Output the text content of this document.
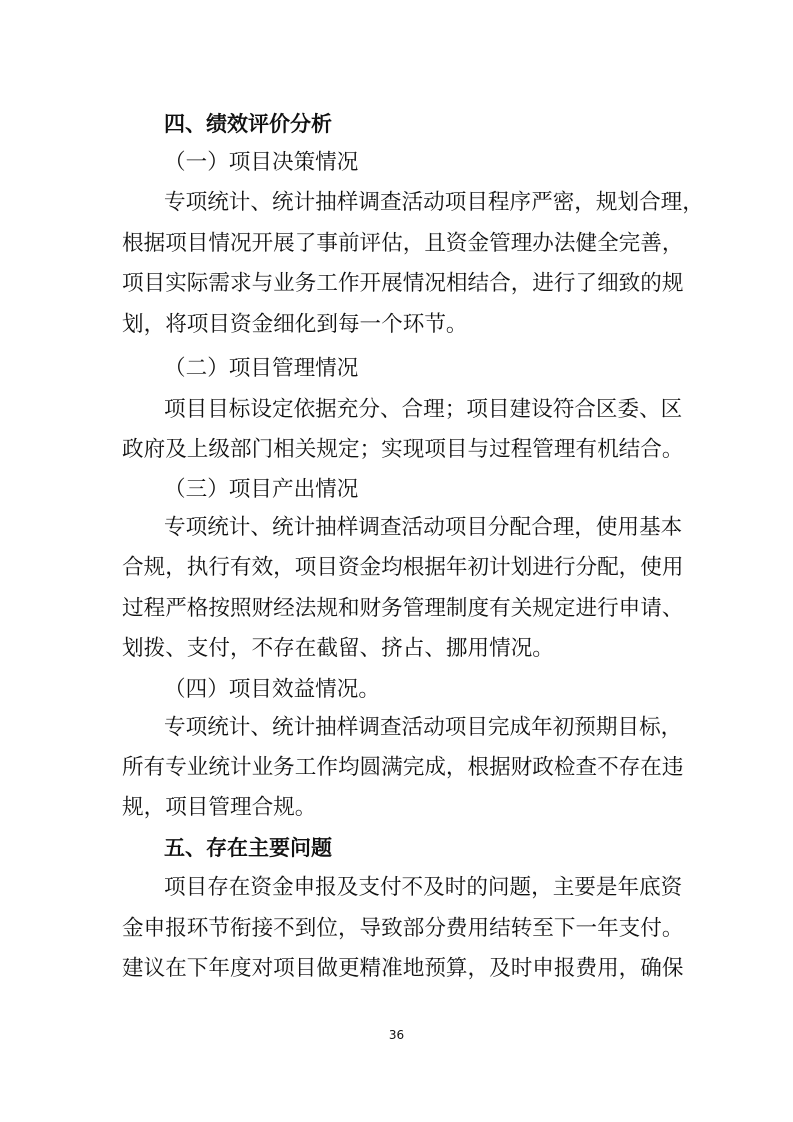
36
四、绩效评价分析
（一）项目决策情况
专项统计、统计抽样调查活动项目程序严密，规划合理，
根据项目情况开展了事前评估，且资金管理办法健全完善，
项目实际需求与业务工作开展情况相结合，进行了细致的规
划，将项目资金细化到每一个环节。
（二）项目管理情况
项目目标设定依据充分、合理；项目建设符合区委、区
政府及上级部门相关规定；实现项目与过程管理有机结合。
（三）项目产出情况
专项统计、统计抽样调查活动项目分配合理，使用基本
合规，执行有效，项目资金均根据年初计划进行分配，使用
过程严格按照财经法规和财务管理制度有关规定进行申请、
划拨、支付，不存在截留、挤占、挪用情况。
（四）项目效益情况。
专项统计、统计抽样调查活动项目完成年初预期目标，
所有专业统计业务工作均圆满完成，根据财政检查不存在违
规，项目管理合规。
五、存在主要问题
项目存在资金申报及支付不及时的问题，主要是年底资
金申报环节衔接不到位，导致部分费用结转至下一年支付。
建议在下年度对项目做更精准地预算，及时申报费用，确保
